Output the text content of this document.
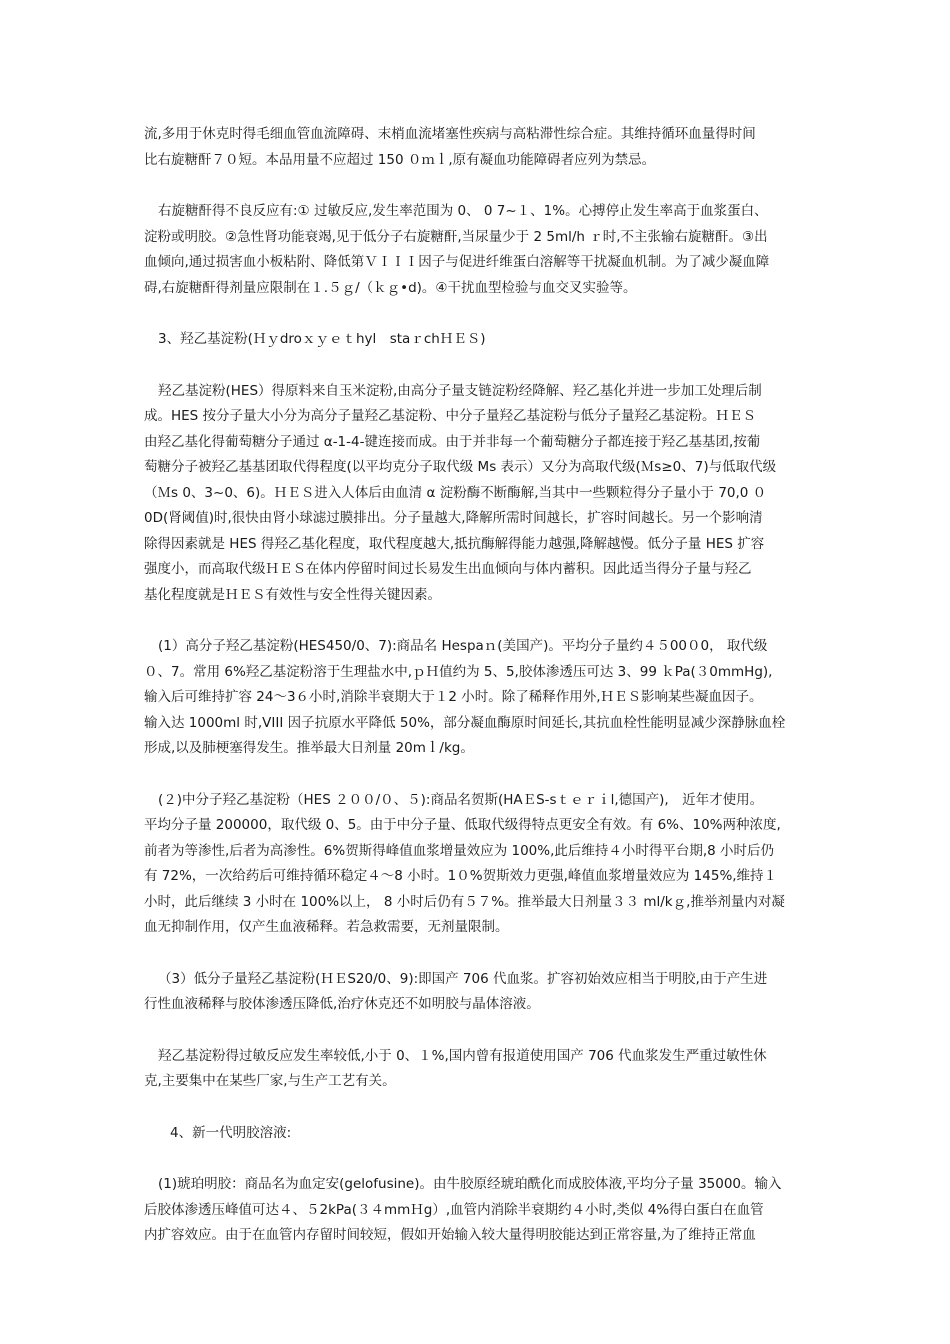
流,多用于休克时得毛细血管血流障碍、末梢血流堵塞性疾病与高粘滞性综合症。其维持循环血量得时间
比右旋糖酐７０短。本品用量不应超过 150 ０ｍｌ,原有凝血功能障碍者应列为禁忌。
右旋糖酐得不良反应有:① 过敏反应,发生率范围为 0、 0 7~１、1%。心搏停止发生率高于血浆蛋白、
淀粉或明胶。②急性肾功能衰竭,见于低分子右旋糖酐,当尿量少于 2 5ml/h ｒ时,不主张输右旋糖酐。③出
血倾向,通过损害血小板粘附、降低第ＶＩＩＩ因子与促进纤维蛋白溶解等干扰凝血机制。为了减少凝血障
碍,右旋糖酐得剂量应限制在１.５ｇ/（ｋｇ•d)。④干扰血型检验与血交叉实验等。
3、羟乙基淀粉(Ｈｙdroｘｙｅｔhyl　staｒchＨＥＳ)
羟乙基淀粉(HES）得原料来自玉米淀粉,由高分子量支链淀粉经降解、羟乙基化并进一步加工处理后制
成。HES 按分子量大小分为高分子量羟乙基淀粉、中分子量羟乙基淀粉与低分子量羟乙基淀粉。ＨＥＳ
由羟乙基化得葡萄糖分子通过 α-1-4-键连接而成。由于并非每一个葡萄糖分子都连接于羟乙基基团,按葡
萄糖分子被羟乙基基团取代得程度(以平均克分子取代级 Ms 表示）又分为高取代级(Ｍs≥0、7)与低取代级
（Ｍs 0、3~0、6)。ＨＥＳ进入人体后由血清 α 淀粉酶不断酶解,当其中一些颗粒得分子量小于 70,0 ０
0D(肾阈值)时,很快由肾小球滤过膜排出。分子量越大,降解所需时间越长，扩容时间越长。另一个影响清
除得因素就是 HES 得羟乙基化程度，取代程度越大,抵抗酶解得能力越强,降解越慢。低分子量 HES 扩容
强度小，而高取代级ＨＥＳ在体内停留时间过长易发生出血倾向与体内蓄积。因此适当得分子量与羟乙
基化程度就是ＨＥＳ有效性与安全性得关键因素。
(1）高分子羟乙基淀粉(HES450/0、7):商品名 Hespaｎ(美国产)。平均分子量约４５00０0， 取代级
０、7。常用 6%羟乙基淀粉溶于生理盐水中,ｐＨ值约为 5、5,胶体渗透压可达 3、99 ｋPa(３0mmHg),
输入后可维持扩容 24～3６小时,消除半衰期大于１2 小时。除了稀释作用外,ＨＥＳ影响某些凝血因子。
输入达 1000ml 时,VIII 因子抗原水平降低 50%，部分凝血酶原时间延长,其抗血栓性能明显减少深静脉血栓
形成,以及肺梗塞得发生。推举最大日剂量 20mｌ/kg。
(２)中分子羟乙基淀粉（HES ２００/０、５):商品名贺斯(HAＥS-sｔｅｒｉl,德国产),　近年才使用。
平均分子量 200000，取代级 0、5。由于中分子量、低取代级得特点更安全有效。有 6%、10%两种浓度,
前者为等渗性,后者为高渗性。6%贺斯得峰值血浆增量效应为 100%,此后维持４小时得平台期,8 小时后仍
有 72%，一次给药后可维持循环稳定４～8 小时。1０%贺斯效力更强,峰值血浆增量效应为 145%,维持１
小时，此后继续 3 小时在 100%以上， 8 小时后仍有５７%。推举最大日剂量３３ ml/kｇ,推举剂量内对凝
血无抑制作用，仅产生血液稀释。若急救需要，无剂量限制。
（3）低分子量羟乙基淀粉(ＨＥS20/0、9):即国产 706 代血浆。扩容初始效应相当于明胶,由于产生进
行性血液稀释与胶体渗透压降低,治疗休克还不如明胶与晶体溶液。
羟乙基淀粉得过敏反应发生率较低,小于 0、１%,国内曾有报道使用国产 706 代血浆发生严重过敏性休
克,主要集中在某些厂家,与生产工艺有关。
4、新一代明胶溶液:
(1)琥珀明胶：商品名为血定安(gelofusine)。由牛胶原经琥珀酰化而成胶体液,平均分子量 35000。输入
后胶体渗透压峰值可达４、５2kPa(３４mmＨg）,血管内消除半衰期约４小时,类似 4%得白蛋白在血管
内扩容效应。由于在血管内存留时间较短，假如开始输入较大量得明胶能达到正常容量,为了维持正常血
